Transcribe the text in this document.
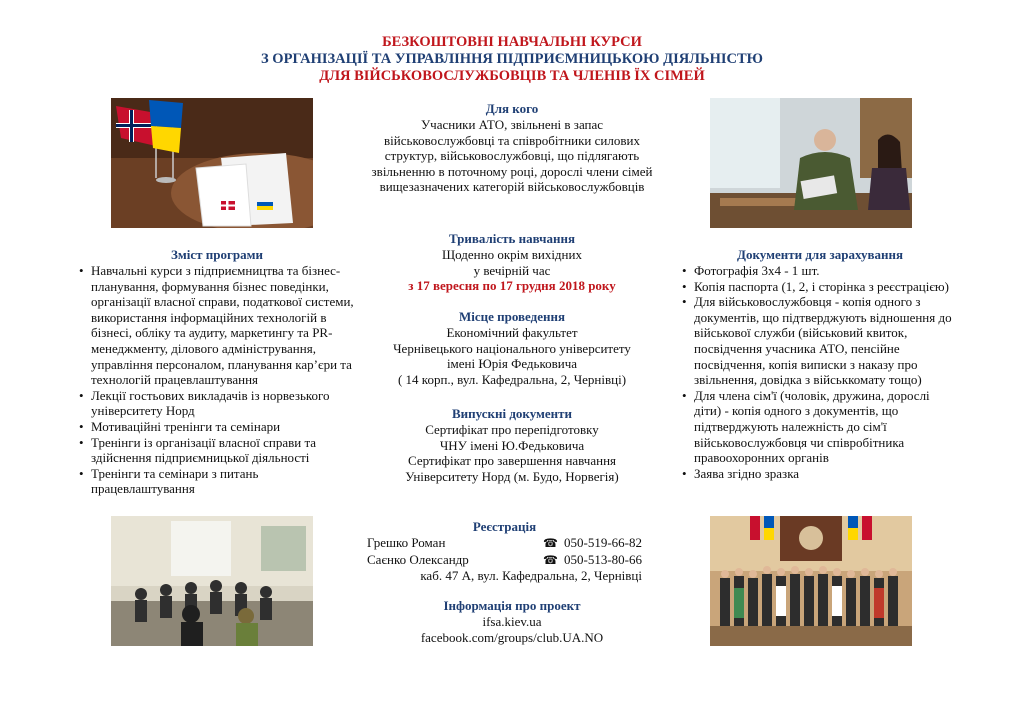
БЕЗКОШТОВНІ НАВЧАЛЬНІ КУРСИ
З ОРГАНІЗАЦІЇ ТА УПРАВЛІННЯ ПІДПРИЄМНИЦЬКОЮ ДІЯЛЬНІСТЮ
ДЛЯ ВІЙСЬКОВОСЛУЖБОВЦІВ ТА ЧЛЕНІВ ЇХ СІМЕЙ
Для кого

Учасники АТО, звільнені в запас військовослужбовці та співробітники силових структур, військовослужбовці, що підлягають звільненню в поточному році, дорослі члени сімей вищезазначених категорій військовослужбовців

Тривалість навчання

Щоденно окрім вихідних

у вечірній час

з 17 вересня по 17 грудня 2018 року

Місце проведення

Економічний факультет

Чернівецького національного університету

імені Юрія Федьковича

( 14 корп., вул. Кафедральна, 2, Чернівці)

Випускні документи

Сертифікат про перепідготовку

ЧНУ імені Ю.Федьковича

Сертифікат про завершення навчання

Університету Норд (м. Будо, Норвегія)

Реєстрація
Грешко Роман	☎ 050-519-66-82
Саєнко Олександр	☎ 050-513-80-66

каб. 47 А, вул. Кафедральна, 2, Чернівці

Інформація про проект

ifsa.kiev.ua

facebook.com/groups/club.UA.NO

Зміст програми
• Навчальні курси з підприємництва та бізнес-планування, формування бізнес поведінки, організації власної справи, податкової системи, використання інформаційних технологій в бізнесі, обліку та аудиту, маркетингу та PR-менеджменту, ділового адміністрування, управління персоналом, планування кар’єри та технологій працевлаштування
• Лекції гостьових викладачів із норвезького університету Норд
• Мотиваційні тренінги та семінари
• Тренінги із організації власної справи та здійснення підприємницької діяльності
• Тренінги та семінари з питань працевлаштування
Документи для зарахування
• Фотографія 3х4 - 1 шт.
• Копія паспорта (1, 2, і сторінка з реєстрацією)
• Для військовослужбовця - копія одного з документів, що підтверджують відношення до військової служби (військовий квиток, посвідчення учасника АТО, пенсійне посвідчення, копія виписки з наказу про звільнення, довідка з військкомату тощо)
• Для члена сім'ї (чоловік, дружина, дорослі діти) - копія одного з документів, що підтверджують належність до сім'ї військовослужбовця чи співробітника правоохоронних органів
• Заява згідно зразка
